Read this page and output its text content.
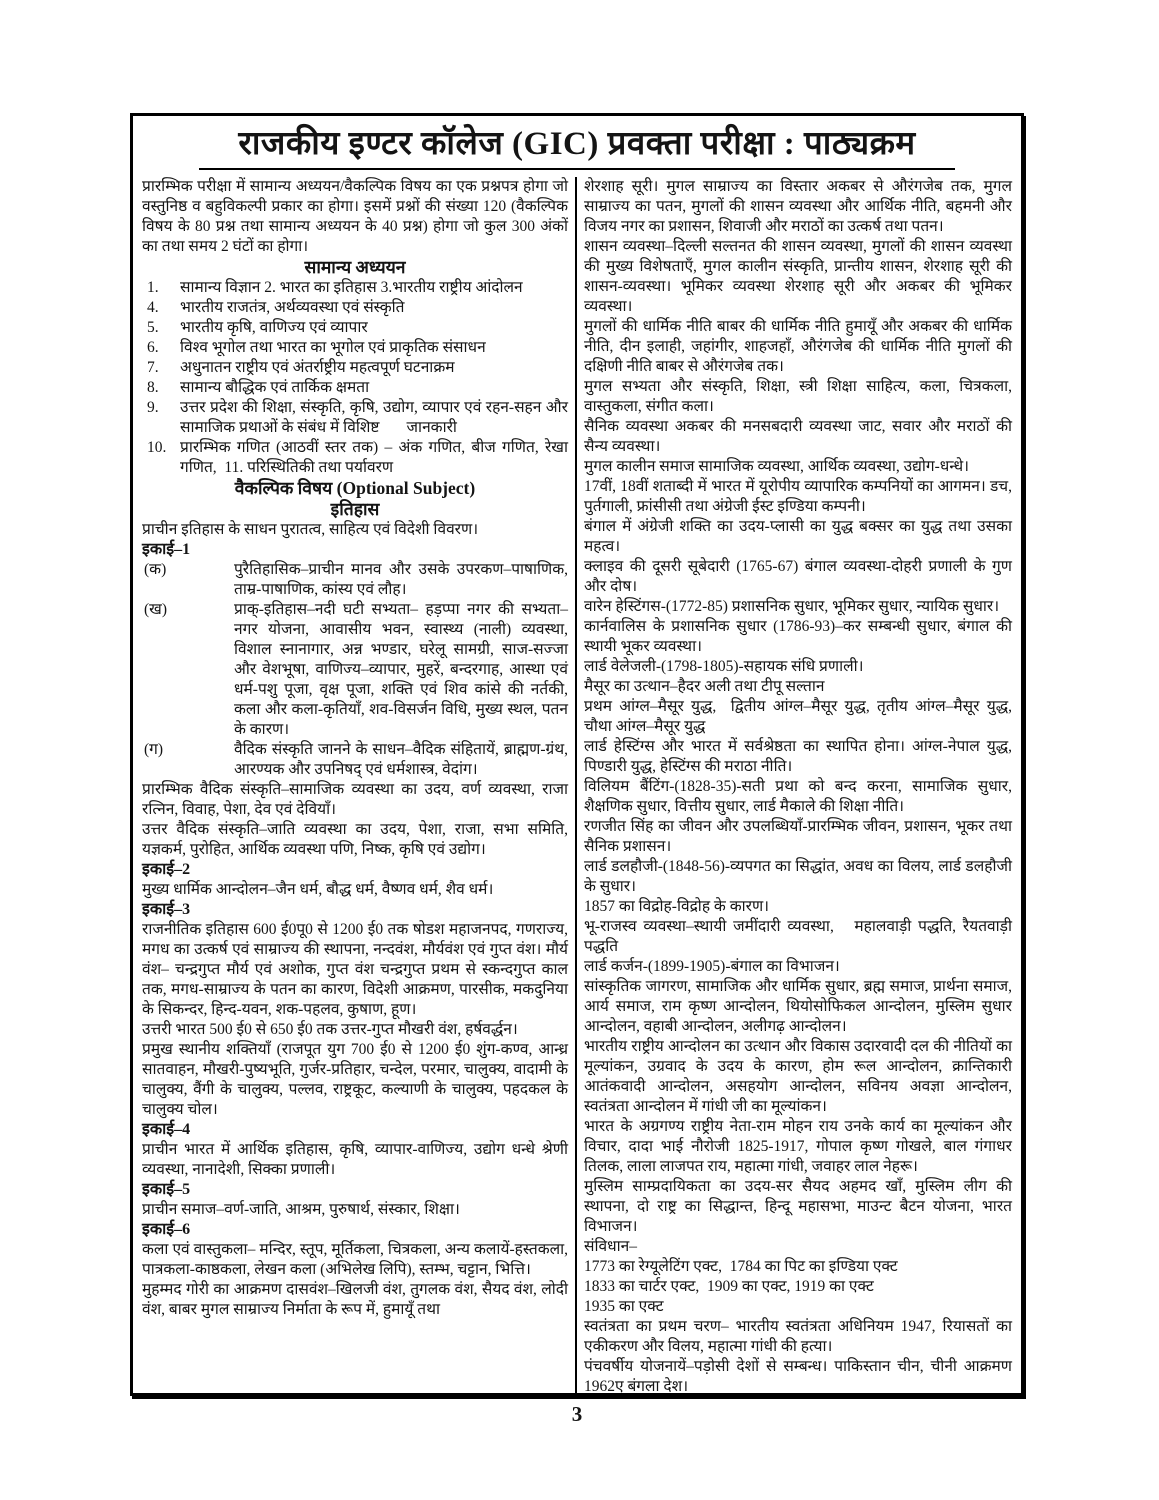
राजकीय इण्टर कॉलेज (GIC) प्रवक्ता परीक्षा : पाठ्यक्रम

प्रारम्भिक परीक्षा में सामान्य अध्ययन/वैकल्पिक विषय का एक प्रश्नपत्र होगा जो वस्तुनिष्ठ व बहुविकल्पी प्रकार का होगा। इसमें प्रश्नों की संख्या 120 (वैकल्पिक विषय के 80 प्रश्न तथा सामान्य अध्ययन के 40 प्रश्न) होगा जो कुल 300 अंकों का तथा समय 2 घंटों का होगा।

सामान्य अध्ययन
1.	सामान्य विज्ञान 2. भारत का इतिहास 3.भारतीय राष्ट्रीय आंदोलन
4.	भारतीय राजतंत्र, अर्थव्यवस्था एवं संस्कृति
5.	भारतीय कृषि, वाणिज्य एवं व्यापार
6.	विश्व भूगोल तथा भारत का भूगोल एवं प्राकृतिक संसाधन
7.	अधुनातन राष्ट्रीय एवं अंतर्राष्ट्रीय महत्वपूर्ण घटनाक्रम
8.	सामान्य बौद्धिक एवं तार्किक क्षमता
9.	उत्तर प्रदेश की शिक्षा, संस्कृति, कृषि, उद्योग, व्यापार एवं रहन-सहन और सामाजिक प्रथाओं के संबंध में विशिष्ट       जानकारी
10. प्रारम्भिक गणित (आठवीं स्तर तक) – अंक गणित, बीज गणित, रेखा गणित,  11. परिस्थितिकी तथा पर्यावरण
वैकल्पिक विषय (Optional Subject)
इतिहास

प्राचीन इतिहास के साधन पुरातत्व, साहित्य एवं विदेशी विवरण।

इकाई–1
(क)	पुरैतिहासिक–प्राचीन मानव और उसके उपरकण–पाषाणिक, ताम्र-पाषाणिक, कांस्य एवं लौह।
(ख)	प्राक्-इतिहास–नदी घटी सभ्यता– हड़प्पा नगर की सभ्यता– नगर योजना, आवासीय भवन, स्वास्थ्य (नाली) व्यवस्था, विशाल स्नानागार, अन्न भण्डार, घरेलू सामग्री, साज-सज्जा और वेशभूषा, वाणिज्य–व्यापार, मुहरें, बन्दरगाह, आस्था एवं धर्म-पशु पूजा, वृक्ष पूजा, शक्ति एवं शिव कांसे की नर्तकी, कला और कला-कृतियाँ, शव-विसर्जन विधि, मुख्य स्थल, पतन के कारण।
(ग)	वैदिक संस्कृति जानने के साधन–वैदिक संहितायें, ब्राह्मण-ग्रंथ, आरण्यक और उपनिषद् एवं धर्मशास्त्र, वेदांग।

प्रारम्भिक वैदिक संस्कृति–सामाजिक व्यवस्था का उदय, वर्ण व्यवस्था, राजा रत्निन, विवाह, पेशा, देव एवं देवियाँ।

उत्तर वैदिक संस्कृति–जाति व्यवस्था का उदय, पेशा, राजा, सभा समिति, यज्ञकर्म, पुरोहित, आर्थिक व्यवस्था पणि, निष्क, कृषि एवं उद्योग।

इकाई–2

मुख्य धार्मिक आन्दोलन–जैन धर्म, बौद्ध धर्म, वैष्णव धर्म, शैव धर्म।

इकाई–3

राजनीतिक इतिहास 600 ई0पू0 से 1200 ई0 तक षोडश महाजनपद, गणराज्य, मगध का उत्कर्ष एवं साम्राज्य की स्थापना, नन्दवंश, मौर्यवंश एवं गुप्त वंश। मौर्य वंश– चन्द्रगुप्त मौर्य एवं अशोक, गुप्त वंश चन्द्रगुप्त प्रथम से स्कन्दगुप्त काल तक, मगध-साम्राज्य के पतन का कारण, विदेशी आक्रमण, पारसीक, मकदुनिया के सिकन्दर, हिन्द-यवन, शक-पहलव, कुषाण, हूण।

उत्तरी भारत 500 ई0 से 650 ई0 तक उत्तर-गुप्त मौखरी वंश, हर्षवर्द्धन।

प्रमुख स्थानीय शक्तियाँ (राजपूत युग 700 ई0 से 1200 ई0 शुंग-कण्व, आन्ध्र सातवाहन, मौखरी-पुष्यभूति, गुर्जर-प्रतिहार, चन्देल, परमार, चालुक्य, वादामी के चालुक्य, वैंगी के चालुक्य, पल्लव, राष्ट्रकूट, कल्याणी के चालुक्य, पहदकल के चालुक्य चोल।

इकाई–4

प्राचीन भारत में आर्थिक इतिहास, कृषि, व्यापार-वाणिज्य, उद्योग धन्धे श्रेणी व्यवस्था, नानादेशी, सिक्का प्रणाली।

इकाई–5

प्राचीन समाज–वर्ण-जाति, आश्रम, पुरुषार्थ, संस्कार, शिक्षा।

इकाई–6

कला एवं वास्तुकला– मन्दिर, स्तूप, मूर्तिकला, चित्रकला, अन्य कलायें-हस्तकला, पात्रकला-काष्ठकला, लेखन कला (अभिलेख लिपि), स्तम्भ, चट्टान, भित्ति।

मुहम्मद गोरी का आक्रमण दासवंश–खिलजी वंश, तुगलक वंश, सैयद वंश, लोदी वंश, बाबर मुगल साम्राज्य निर्माता के रूप में, हुमायूँ तथा

शेरशाह सूरी। मुगल साम्राज्य का विस्तार अकबर से औरंगजेब तक, मुगल साम्राज्य का पतन, मुगलों की शासन व्यवस्था और आर्थिक नीति, बहमनी और विजय नगर का प्रशासन, शिवाजी और मराठों का उत्कर्ष तथा पतन।

शासन व्यवस्था–दिल्ली सल्तनत की शासन व्यवस्था, मुगलों की शासन व्यवस्था की मुख्य विशेषताएँ, मुगल कालीन संस्कृति, प्रान्तीय शासन, शेरशाह सूरी की शासन-व्यवस्था। भूमिकर व्यवस्था शेरशाह सूरी और अकबर की भूमिकर व्यवस्था।

मुगलों की धार्मिक नीति बाबर की धार्मिक नीति हुमायूँ और अकबर की धार्मिक नीति, दीन इलाही, जहांगीर, शाहजहाँ, औरंगजेब की धार्मिक नीति मुगलों की दक्षिणी नीति बाबर से औरंगजेब तक।

मुगल सभ्यता और संस्कृति, शिक्षा, स्त्री शिक्षा साहित्य, कला, चित्रकला, वास्तुकला, संगीत कला।

सैनिक व्यवस्था अकबर की मनसबदारी व्यवस्था जाट, सवार और मराठों की सैन्य व्यवस्था।

मुगल कालीन समाज सामाजिक व्यवस्था, आर्थिक व्यवस्था, उद्योग-धन्धे।

17वीं, 18वीं शताब्दी में भारत में यूरोपीय व्यापारिक कम्पनियों का आगमन। डच, पुर्तगाली, फ्रांसीसी तथा अंग्रेजी ईस्ट इण्डिया कम्पनी।

बंगाल में अंग्रेजी शक्ति का उदय-प्लासी का युद्ध बक्सर का युद्ध तथा उसका महत्व।

क्लाइव की दूसरी सूबेदारी (1765-67) बंगाल व्यवस्था-दोहरी प्रणाली के गुण और दोष।

वारेन हेस्टिंगस-(1772-85) प्रशासनिक सुधार, भूमिकर सुधार, न्यायिक सुधार।

कार्नवालिस के प्रशासनिक सुधार (1786-93)–कर सम्बन्धी सुधार, बंगाल की स्थायी भूकर व्यवस्था।

लार्ड वेलेजली-(1798-1805)-सहायक संधि प्रणाली।

मैसूर का उत्थान–हैदर अली तथा टीपू सल्तान

प्रथम आंग्ल–मैसूर युद्ध,  द्वितीय आंग्ल–मैसूर युद्ध, तृतीय आंग्ल–मैसूर युद्ध, चौथा आंग्ल–मैसूर युद्ध

लार्ड हेस्टिंग्स और भारत में सर्वश्रेष्ठता का स्थापित होना। आंग्ल-नेपाल युद्ध, पिण्डारी युद्ध, हेस्टिंग्स की मराठा नीति।

विलियम बैंटिंग-(1828-35)-सती प्रथा को बन्द करना, सामाजिक सुधार, शैक्षणिक सुधार, वित्तीय सुधार, लार्ड मैकाले की शिक्षा नीति।

रणजीत सिंह का जीवन और उपलब्धियाँ-प्रारम्भिक जीवन, प्रशासन, भूकर तथा सैनिक प्रशासन।

लार्ड डलहौजी-(1848-56)-व्यपगत का सिद्धांत, अवध का विलय, लार्ड डलहौजी के सुधार।

1857 का विद्रोह-विद्रोह के कारण।

भू-राजस्व व्यवस्था–स्थायी जमींदारी व्यवस्था,   महालवाड़ी पद्धति, रैयतवाड़ी पद्धति

लार्ड कर्जन-(1899-1905)-बंगाल का विभाजन।

सांस्कृतिक जागरण, सामाजिक और धार्मिक सुधार, ब्रह्म समाज, प्रार्थना समाज, आर्य समाज, राम कृष्ण आन्दोलन, थियोसोफिकल आन्दोलन, मुस्लिम सुधार आन्दोलन, वहाबी आन्दोलन, अलीगढ़ आन्दोलन।

भारतीय राष्ट्रीय आन्दोलन का उत्थान और विकास उदारवादी दल की नीतियों का मूल्यांकन, उग्रवाद के उदय के कारण, होम रूल आन्दोलन, क्रान्तिकारी आतंकवादी आन्दोलन, असहयोग आन्दोलन, सविनय अवज्ञा आन्दोलन, स्वतंत्रता आन्दोलन में गांधी जी का मूल्यांकन।

भारत के अग्रगण्य राष्ट्रीय नेता-राम मोहन राय उनके कार्य का मूल्यांकन और विचार, दादा भाई नौरोजी 1825-1917, गोपाल कृष्ण गोखले, बाल गंगाधर तिलक, लाला लाजपत राय, महात्मा गांधी, जवाहर लाल नेहरू।

मुस्लिम साम्प्रदायिकता का उदय-सर सैयद अहमद खाँ, मुस्लिम लीग की स्थापना, दो राष्ट्र का सिद्धान्त, हिन्दू महासभा, माउन्ट बैटन योजना, भारत विभाजन।

संविधान–

1773 का रेग्यूलेटिंग एक्ट,  1784 का पिट का इण्डिया एक्ट

1833 का चार्टर एक्ट,  1909 का एक्ट, 1919 का एक्ट

1935 का एक्ट

स्वतंत्रता का प्रथम चरण– भारतीय स्वतंत्रता अधिनियम 1947, रियासतों का एकीकरण और विलय, महात्मा गांधी की हत्या।

पंचवर्षीय योजनायें–पड़ोसी देशों से सम्बन्ध। पाकिस्तान चीन, चीनी आक्रमण 1962ए बंगला देश।

3
